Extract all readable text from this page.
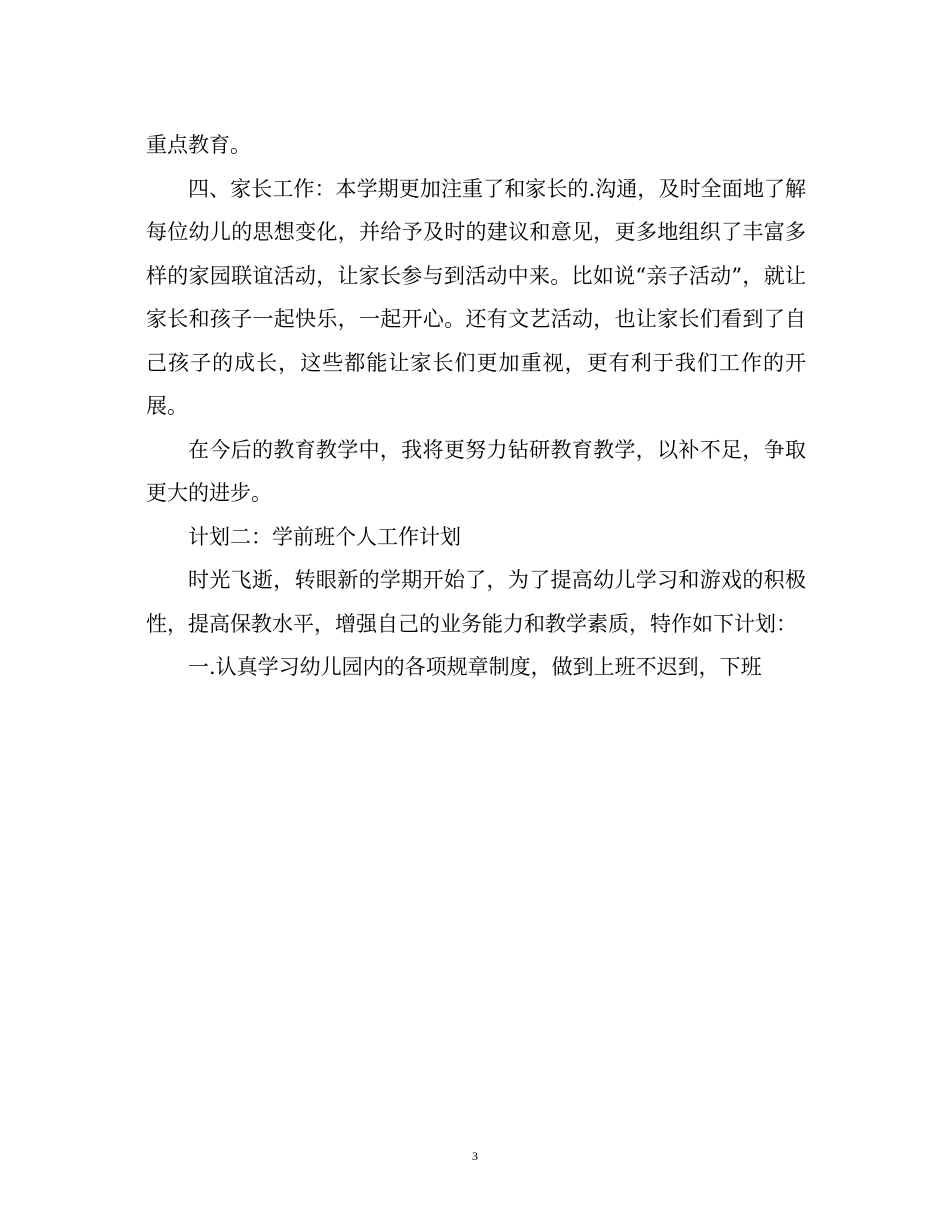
重点教育。

四、家长工作：本学期更加注重了和家长的.沟通，及时全面地了解每位幼儿的思想变化，并给予及时的建议和意见，更多地组织了丰富多样的家园联谊活动，让家长参与到活动中来。比如说“亲子活动”，就让家长和孩子一起快乐，一起开心。还有文艺活动，也让家长们看到了自己孩子的成长，这些都能让家长们更加重视，更有利于我们工作的开展。

在今后的教育教学中，我将更努力钻研教育教学，以补不足，争取更大的进步。

计划二：学前班个人工作计划

时光飞逝，转眼新的学期开始了，为了提高幼儿学习和游戏的积极性，提高保教水平，增强自己的业务能力和教学素质，特作如下计划：

一.认真学习幼儿园内的各项规章制度，做到上班不迟到，下班

3
